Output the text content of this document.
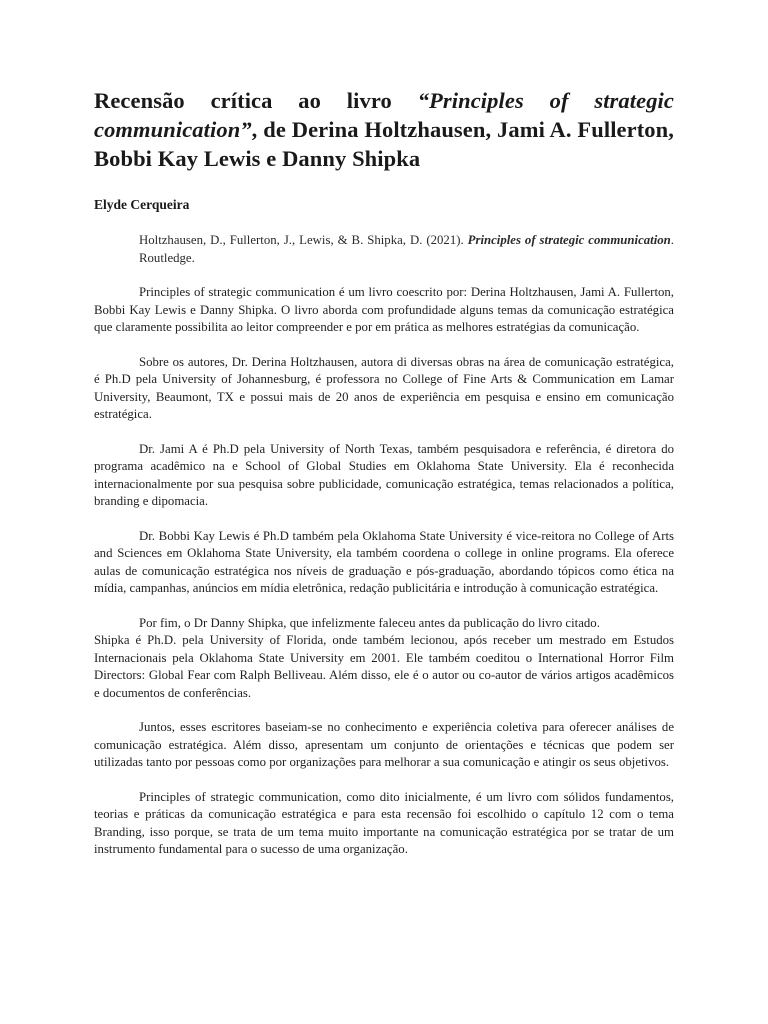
Recensão crítica ao livro “Principles of strategic communication”, de Derina Holtzhausen, Jami A. Fullerton, Bobbi Kay Lewis e Danny Shipka

Elyde Cerqueira

Holtzhausen, D., Fullerton, J., Lewis, & B. Shipka, D. (2021). Principles of strategic communication. Routledge.

Principles of strategic communication é um livro coescrito por: Derina Holtzhausen, Jami A. Fullerton, Bobbi Kay Lewis e Danny Shipka. O livro aborda com profundidade alguns temas da comunicação estratégica que claramente possibilita ao leitor compreender e por em prática as melhores estratégias da comunicação.

Sobre os autores, Dr. Derina Holtzhausen, autora di diversas obras na área de comunicação estratégica, é Ph.D pela University of Johannesburg, é professora no College of Fine Arts & Communication em Lamar University, Beaumont, TX e possui mais de 20 anos de experiência em pesquisa e ensino em comunicação estratégica.

Dr. Jami A é Ph.D pela University of North Texas, também pesquisadora e referência, é diretora do programa acadêmico na e School of Global Studies em Oklahoma State University. Ela é reconhecida internacionalmente por sua pesquisa sobre publicidade, comunicação estratégica, temas relacionados a política, branding e dipomacia.

Dr. Bobbi Kay Lewis é Ph.D também pela Oklahoma State University é vice-reitora no College of Arts and Sciences em Oklahoma State University, ela também coordena o college in online programs. Ela oferece aulas de comunicação estratégica nos níveis de graduação e pós-graduação, abordando tópicos como ética na mídia, campanhas, anúncios em mídia eletrônica, redação publicitária e introdução à comunicação estratégica.

Por fim, o Dr Danny Shipka, que infelizmente faleceu antes da publicação do livro citado.

Shipka é Ph.D. pela University of Florida, onde também lecionou, após receber um mestrado em Estudos Internacionais pela Oklahoma State University em 2001. Ele também coeditou o International Horror Film Directors: Global Fear com Ralph Belliveau. Além disso, ele é o autor ou co-autor de vários artigos acadêmicos e documentos de conferências.

Juntos, esses escritores baseiam-se no conhecimento e experiência coletiva para oferecer análises de comunicação estratégica. Além disso, apresentam um conjunto de orientações e técnicas que podem ser utilizadas tanto por pessoas como por organizações para melhorar a sua comunicação e atingir os seus objetivos.

Principles of strategic communication, como dito inicialmente, é um livro com sólidos fundamentos, teorias e práticas da comunicação estratégica e para esta recensão foi escolhido o capítulo 12 com o tema Branding, isso porque, se trata de um tema muito importante na comunicação estratégica por se tratar de um instrumento fundamental para o sucesso de uma organização.
